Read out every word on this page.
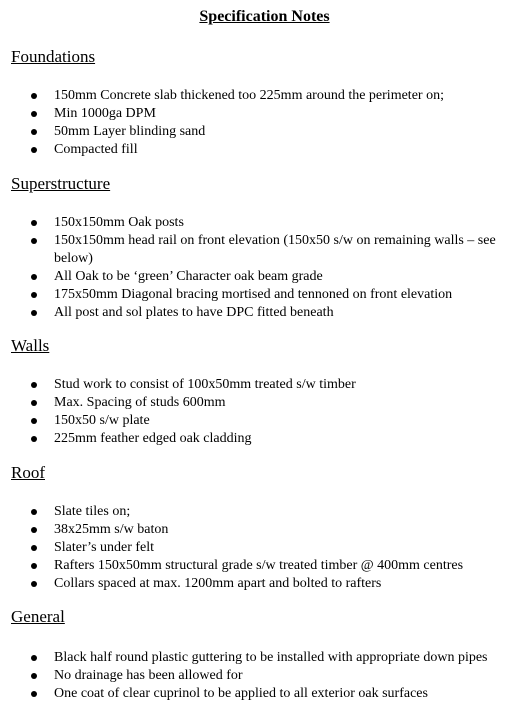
Specification Notes
Foundations
150mm Concrete slab thickened too 225mm around the perimeter on;
Min 1000ga DPM
50mm Layer blinding sand
Compacted fill
Superstructure
150x150mm Oak posts
150x150mm head rail on front elevation (150x50 s/w on remaining walls – see below)
All Oak to be ‘green’ Character oak beam grade
175x50mm Diagonal bracing mortised and tennoned on front elevation
All post and sol plates to have DPC fitted beneath
Walls
Stud work to consist of 100x50mm treated s/w timber
Max. Spacing of studs 600mm
150x50 s/w plate
225mm feather edged oak cladding
Roof
Slate tiles on;
38x25mm s/w baton
Slater’s under felt
Rafters 150x50mm structural grade s/w treated timber @ 400mm centres
Collars spaced at max. 1200mm apart and bolted to rafters
General
Black half round plastic guttering to be installed with appropriate down pipes
No drainage has been allowed for
One coat of clear cuprinol to be applied to all exterior oak surfaces
